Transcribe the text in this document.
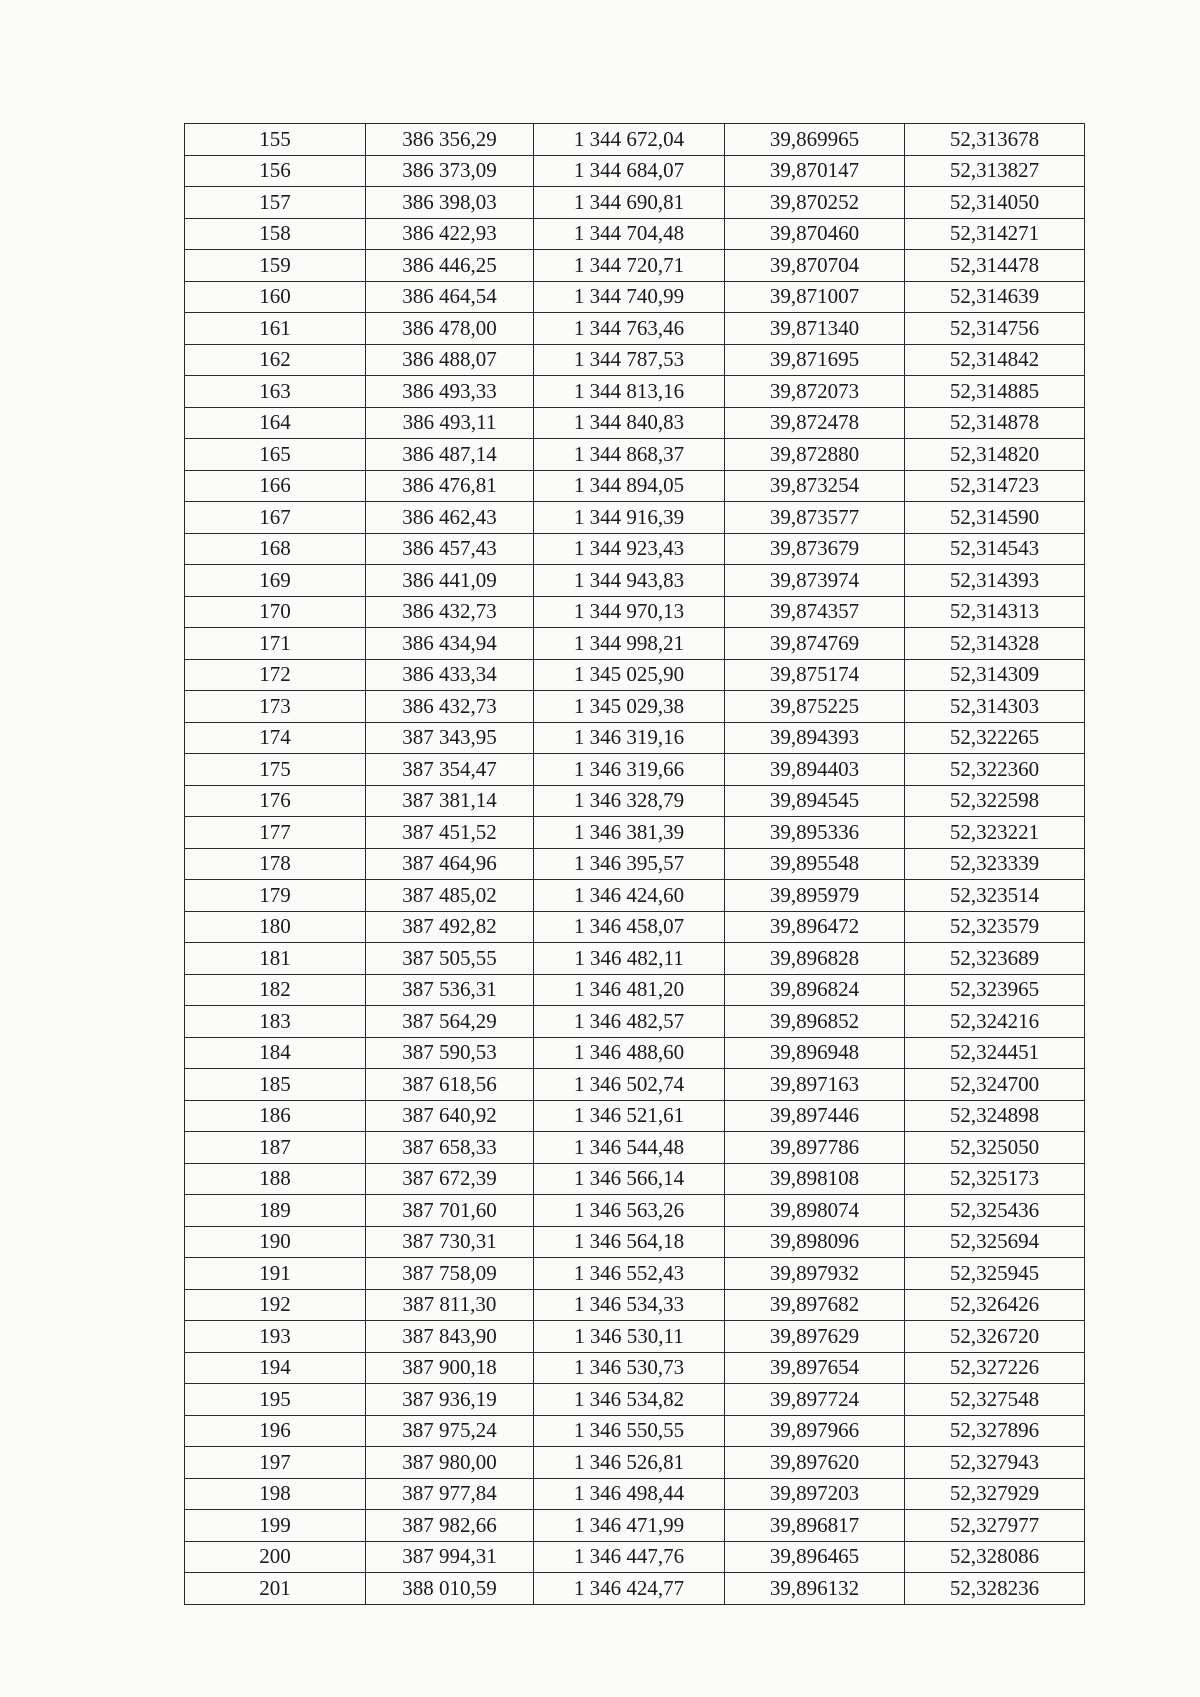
155	386 356,29	1 344 672,04	39,869965	52,313678
156	386 373,09	1 344 684,07	39,870147	52,313827
157	386 398,03	1 344 690,81	39,870252	52,314050
158	386 422,93	1 344 704,48	39,870460	52,314271
159	386 446,25	1 344 720,71	39,870704	52,314478
160	386 464,54	1 344 740,99	39,871007	52,314639
161	386 478,00	1 344 763,46	39,871340	52,314756
162	386 488,07	1 344 787,53	39,871695	52,314842
163	386 493,33	1 344 813,16	39,872073	52,314885
164	386 493,11	1 344 840,83	39,872478	52,314878
165	386 487,14	1 344 868,37	39,872880	52,314820
166	386 476,81	1 344 894,05	39,873254	52,314723
167	386 462,43	1 344 916,39	39,873577	52,314590
168	386 457,43	1 344 923,43	39,873679	52,314543
169	386 441,09	1 344 943,83	39,873974	52,314393
170	386 432,73	1 344 970,13	39,874357	52,314313
171	386 434,94	1 344 998,21	39,874769	52,314328
172	386 433,34	1 345 025,90	39,875174	52,314309
173	386 432,73	1 345 029,38	39,875225	52,314303
174	387 343,95	1 346 319,16	39,894393	52,322265
175	387 354,47	1 346 319,66	39,894403	52,322360
176	387 381,14	1 346 328,79	39,894545	52,322598
177	387 451,52	1 346 381,39	39,895336	52,323221
178	387 464,96	1 346 395,57	39,895548	52,323339
179	387 485,02	1 346 424,60	39,895979	52,323514
180	387 492,82	1 346 458,07	39,896472	52,323579
181	387 505,55	1 346 482,11	39,896828	52,323689
182	387 536,31	1 346 481,20	39,896824	52,323965
183	387 564,29	1 346 482,57	39,896852	52,324216
184	387 590,53	1 346 488,60	39,896948	52,324451
185	387 618,56	1 346 502,74	39,897163	52,324700
186	387 640,92	1 346 521,61	39,897446	52,324898
187	387 658,33	1 346 544,48	39,897786	52,325050
188	387 672,39	1 346 566,14	39,898108	52,325173
189	387 701,60	1 346 563,26	39,898074	52,325436
190	387 730,31	1 346 564,18	39,898096	52,325694
191	387 758,09	1 346 552,43	39,897932	52,325945
192	387 811,30	1 346 534,33	39,897682	52,326426
193	387 843,90	1 346 530,11	39,897629	52,326720
194	387 900,18	1 346 530,73	39,897654	52,327226
195	387 936,19	1 346 534,82	39,897724	52,327548
196	387 975,24	1 346 550,55	39,897966	52,327896
197	387 980,00	1 346 526,81	39,897620	52,327943
198	387 977,84	1 346 498,44	39,897203	52,327929
199	387 982,66	1 346 471,99	39,896817	52,327977
200	387 994,31	1 346 447,76	39,896465	52,328086
201	388 010,59	1 346 424,77	39,896132	52,328236
